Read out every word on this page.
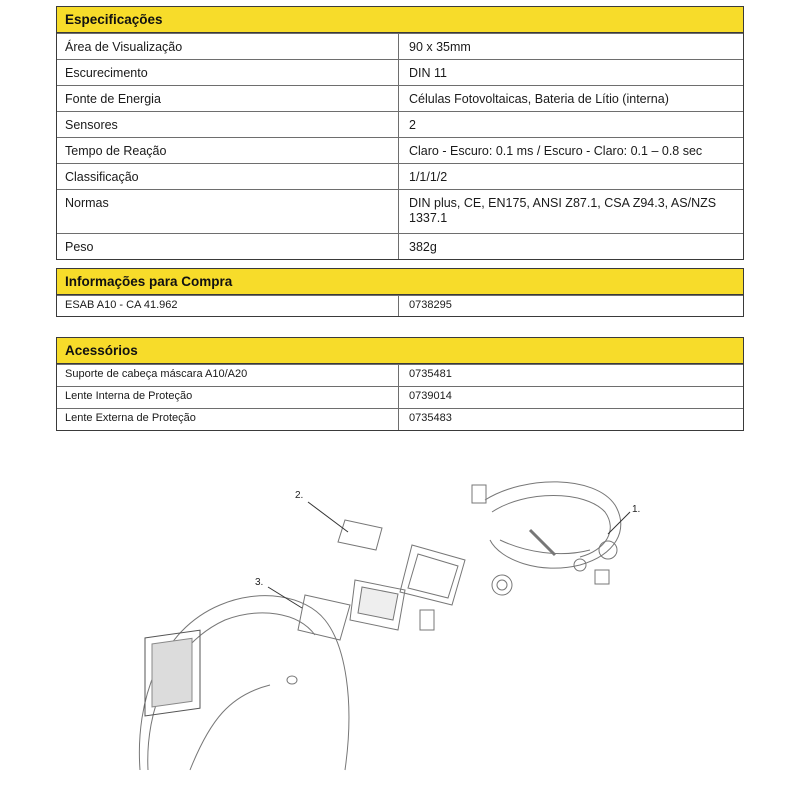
Especificações
Área de Visualização	90 x 35mm
Escurecimento	DIN 11
Fonte de Energia	Células Fotovoltaicas, Bateria de Lítio (interna)
Sensores	2
Tempo de Reação	Claro - Escuro: 0.1 ms / Escuro - Claro: 0.1 – 0.8 sec
Classificação	1/1/1/2
Normas	DIN plus, CE, EN175, ANSI Z87.1, CSA Z94.3, AS/NZS 1337.1
Peso	382g
Informações para Compra
ESAB A10 - CA 41.962	0738295
Acessórios
Suporte de cabeça máscara A10/A20	0735481
Lente Interna de Proteção	0739014
Lente Externa de Proteção	0735483
1.
2.
3.
